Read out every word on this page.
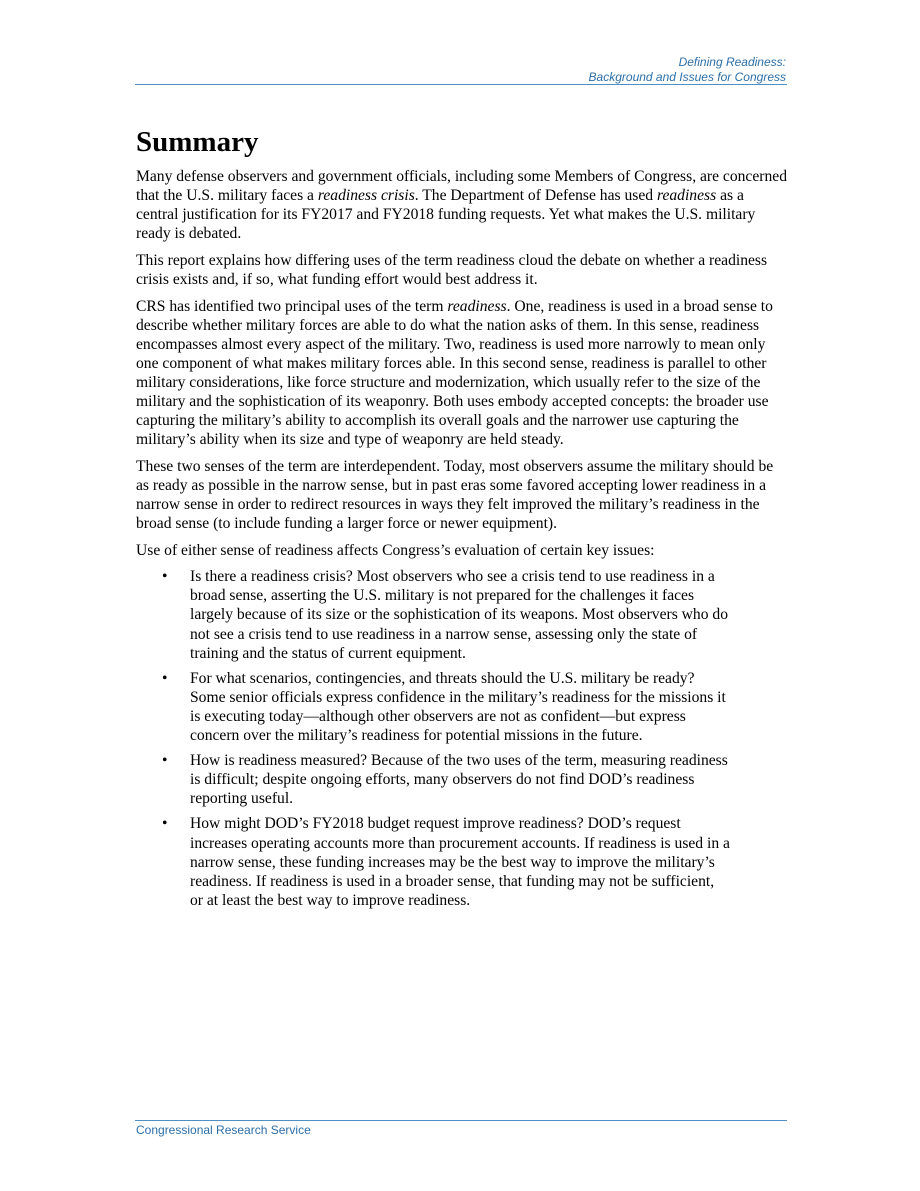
Defining Readiness:
Background and Issues for Congress
Summary

Many defense observers and government officials, including some Members of Congress, are concerned that the U.S. military faces a readiness crisis. The Department of Defense has used readiness as a central justification for its FY2017 and FY2018 funding requests. Yet what makes the U.S. military ready is debated.

This report explains how differing uses of the term readiness cloud the debate on whether a readiness crisis exists and, if so, what funding effort would best address it.

CRS has identified two principal uses of the term readiness. One, readiness is used in a broad sense to describe whether military forces are able to do what the nation asks of them. In this sense, readiness encompasses almost every aspect of the military. Two, readiness is used more narrowly to mean only one component of what makes military forces able. In this second sense, readiness is parallel to other military considerations, like force structure and modernization, which usually refer to the size of the military and the sophistication of its weaponry. Both uses embody accepted concepts: the broader use capturing the military’s ability to accomplish its overall goals and the narrower use capturing the military’s ability when its size and type of weaponry are held steady.

These two senses of the term are interdependent. Today, most observers assume the military should be as ready as possible in the narrow sense, but in past eras some favored accepting lower readiness in a narrow sense in order to redirect resources in ways they felt improved the military’s readiness in the broad sense (to include funding a larger force or newer equipment).

Use of either sense of readiness affects Congress’s evaluation of certain key issues:

• Is there a readiness crisis? Most observers who see a crisis tend to use readiness in a broad sense, asserting the U.S. military is not prepared for the challenges it faces largely because of its size or the sophistication of its weapons. Most observers who do not see a crisis tend to use readiness in a narrow sense, assessing only the state of training and the status of current equipment.
• For what scenarios, contingencies, and threats should the U.S. military be ready? Some senior officials express confidence in the military’s readiness for the missions it is executing today—although other observers are not as confident—but express concern over the military’s readiness for potential missions in the future.
• How is readiness measured? Because of the two uses of the term, measuring readiness is difficult; despite ongoing efforts, many observers do not find DOD’s readiness reporting useful.
• How might DOD’s FY2018 budget request improve readiness? DOD’s request increases operating accounts more than procurement accounts. If readiness is used in a narrow sense, these funding increases may be the best way to improve the military’s readiness. If readiness is used in a broader sense, that funding may not be sufficient, or at least the best way to improve readiness.
Congressional Research Service
